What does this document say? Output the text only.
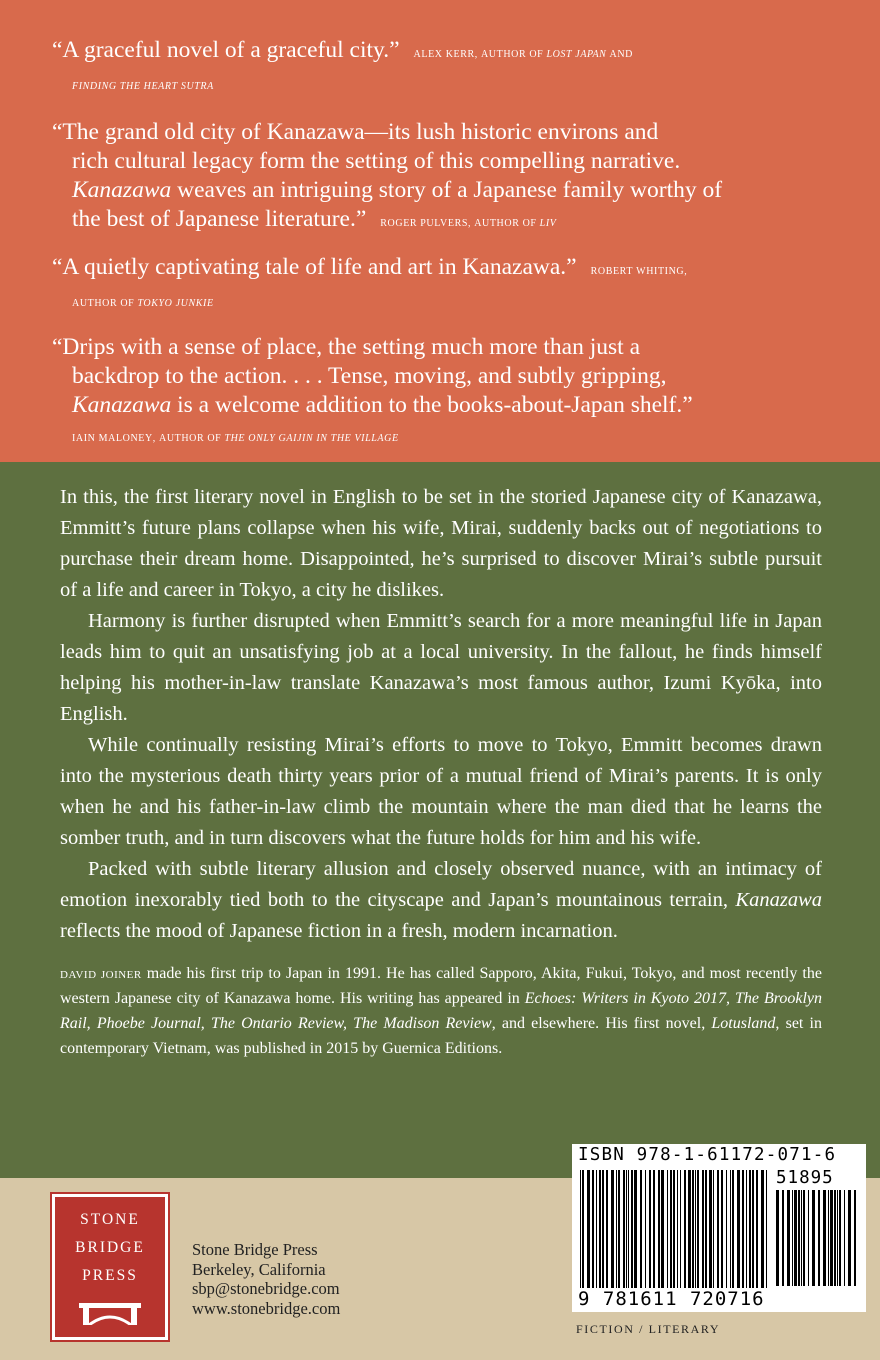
“A graceful novel of a graceful city.” alex kerr, author of lost japan and

finding the heart sutra

“The grand old city of Kanazawa—its lush historic environs and

rich cultural legacy form the setting of this compelling narrative.

Kanazawa weaves an intriguing story of a Japanese family worthy of

the best of Japanese literature.” roger pulvers, author of liv

“A quietly captivating tale of life and art in Kanazawa.” robert whiting,

author of tokyo junkie

“Drips with a sense of place, the setting much more than just a

backdrop to the action. . . . Tense, moving, and subtly gripping,

Kanazawa is a welcome addition to the books-about-Japan shelf.”

iain maloney, author of the only gaijin in the village

In this, the first literary novel in English to be set in the storied Japanese city of Kanazawa, Emmitt’s future plans collapse when his wife, Mirai, suddenly backs out of negotiations to purchase their dream home. Disappointed, he’s surprised to discover Mirai’s subtle pursuit of a life and career in Tokyo, a city he dislikes.

Harmony is further disrupted when Emmitt’s search for a more meaningful life in Japan leads him to quit an unsatisfying job at a local university. In the fallout, he finds himself helping his mother-in-law translate Kanazawa’s most famous author, Izumi Kyōka, into English.

While continually resisting Mirai’s efforts to move to Tokyo, Emmitt becomes drawn into the mysterious death thirty years prior of a mutual friend of Mirai’s parents. It is only when he and his father-in-law climb the mountain where the man died that he learns the somber truth, and in turn discovers what the future holds for him and his wife.

Packed with subtle literary allusion and closely observed nuance, with an intimacy of emotion inexorably tied both to the cityscape and Japan’s mountainous terrain, Kanazawa reflects the mood of Japanese fiction in a fresh, modern incarnation.

david joiner made his first trip to Japan in 1991. He has called Sapporo, Akita, Fukui, Tokyo, and most recently the western Japanese city of Kanazawa home. His writing has appeared in Echoes: Writers in Kyoto 2017, The Brooklyn Rail, Phoebe Journal, The Ontario Review, The Madison Review, and elsewhere. His first novel, Lotusland, set in contemporary Vietnam, was published in 2015 by Guernica Editions.

STONE
BRIDGE
PRESS
Stone Bridge Press
Berkeley, California
sbp@stonebridge.com
www.stonebridge.com
ISBN 978-1-61172-071-6
51895
9 781611 720716
fiction / literary
